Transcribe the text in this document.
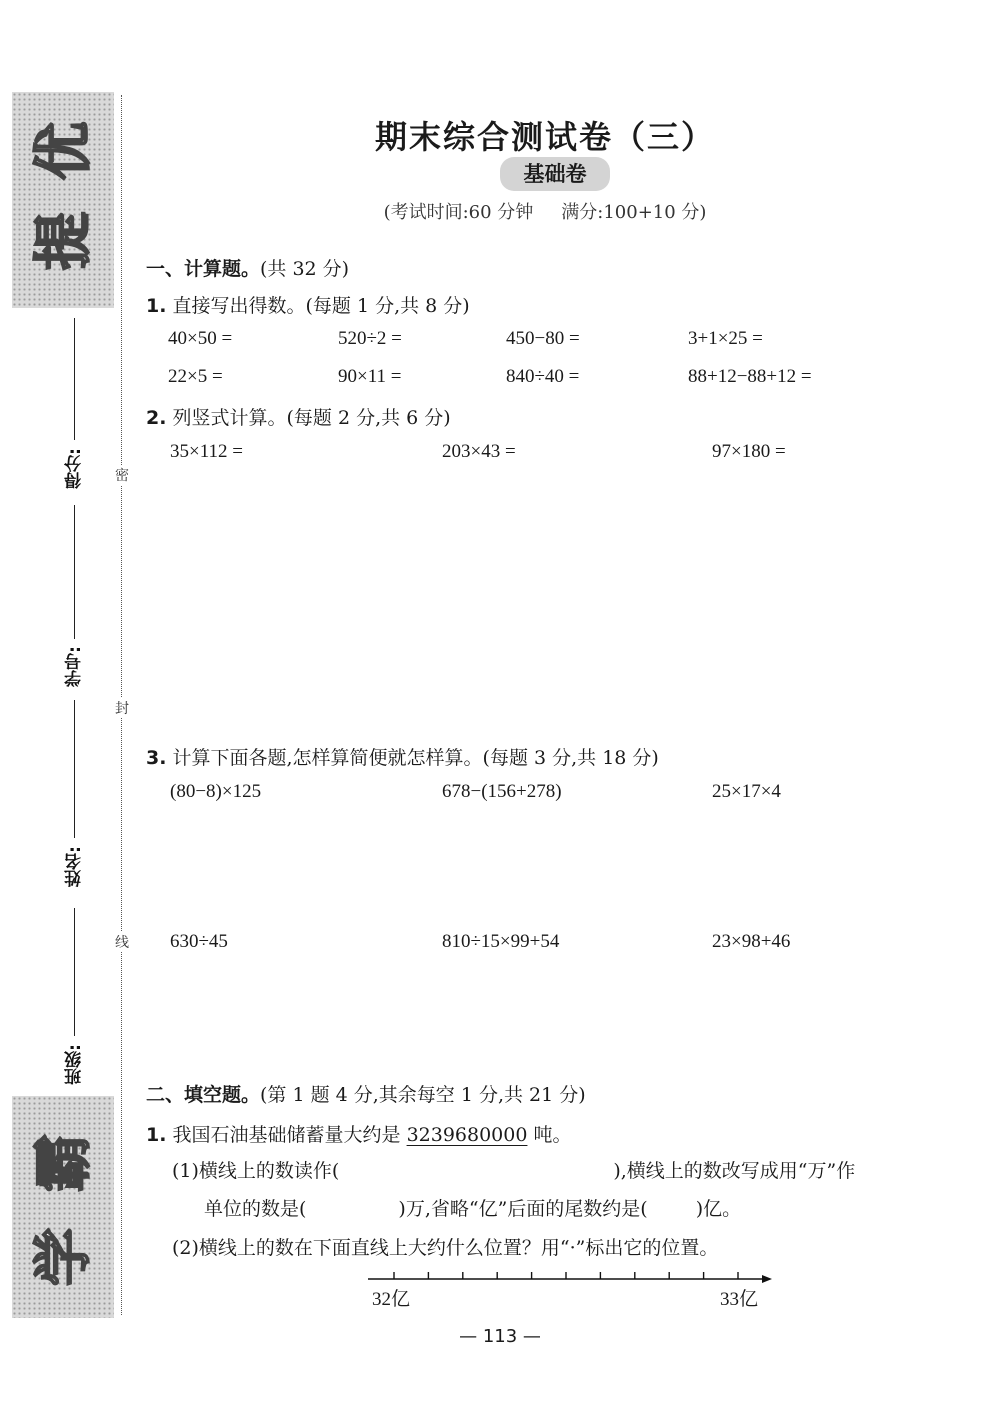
提
优
学
霸
班级:
姓名:
学号:
得分: 密
封
线
期末综合测试卷（三）
基础卷
(考试时间:60 分钟 满分:100+10 分)
一、计算题。(共 32 分)
1. 直接写出得数。(每题 1 分,共 8 分)
40×50 =	520÷2 =	450−80 =	3+1×25 =
22×5 =	90×11 =	840÷40 =	88+12−88+12 =
2. 列竖式计算。(每题 2 分,共 6 分)
35×112 =	203×43 =	97×180 =
3. 计算下面各题,怎样算简便就怎样算。(每题 3 分,共 18 分)
(80−8)×125	678−(156+278)	25×17×4
630÷45	810÷15×99+54	23×98+46
二、填空题。(第 1 题 4 分,其余每空 1 分,共 21 分)
1. 我国石油基础储蓄量大约是 3239680000 吨。
(1)横线上的数读作(	),横线上的数改写成用“万”作
单位的数是(	)万,省略“亿”后面的尾数约是(	)亿。
(2)横线上的数在下面直线上大约什么位置？用“·”标出它的位置。
32亿	33亿
— 113 —
